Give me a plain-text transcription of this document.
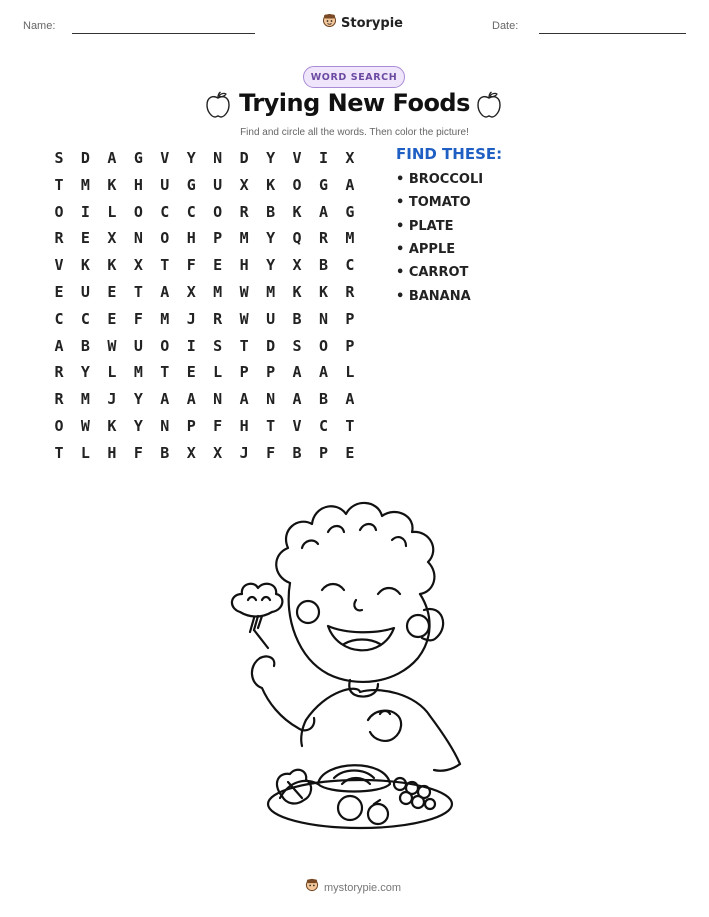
Name:	Storypie	Date:
WORD SEARCH
Trying New Foods
Find and circle all the words. Then color the picture!
S	D	A	G	V	Y	N	D	Y	V	I	X
T	M	K	H	U	G	U	X	K	O	G	A
O	I	L	O	C	C	O	R	B	K	A	G
R	E	X	N	O	H	P	M	Y	Q	R	M
V	K	K	X	T	F	E	H	Y	X	B	C
E	U	E	T	A	X	M	W	M	K	K	R
C	C	E	F	M	J	R	W	U	B	N	P
A	B	W	U	O	I	S	T	D	S	O	P
R	Y	L	M	T	E	L	P	P	A	A	L
R	M	J	Y	A	A	N	A	N	A	B	A
O	W	K	Y	N	P	F	H	T	V	C	T
T	L	H	F	B	X	X	J	F	B	P	E
FIND THESE:
• BROCCOLI
• TOMATO
• PLATE
• APPLE
• CARROT
• BANANA
mystorypie.com
